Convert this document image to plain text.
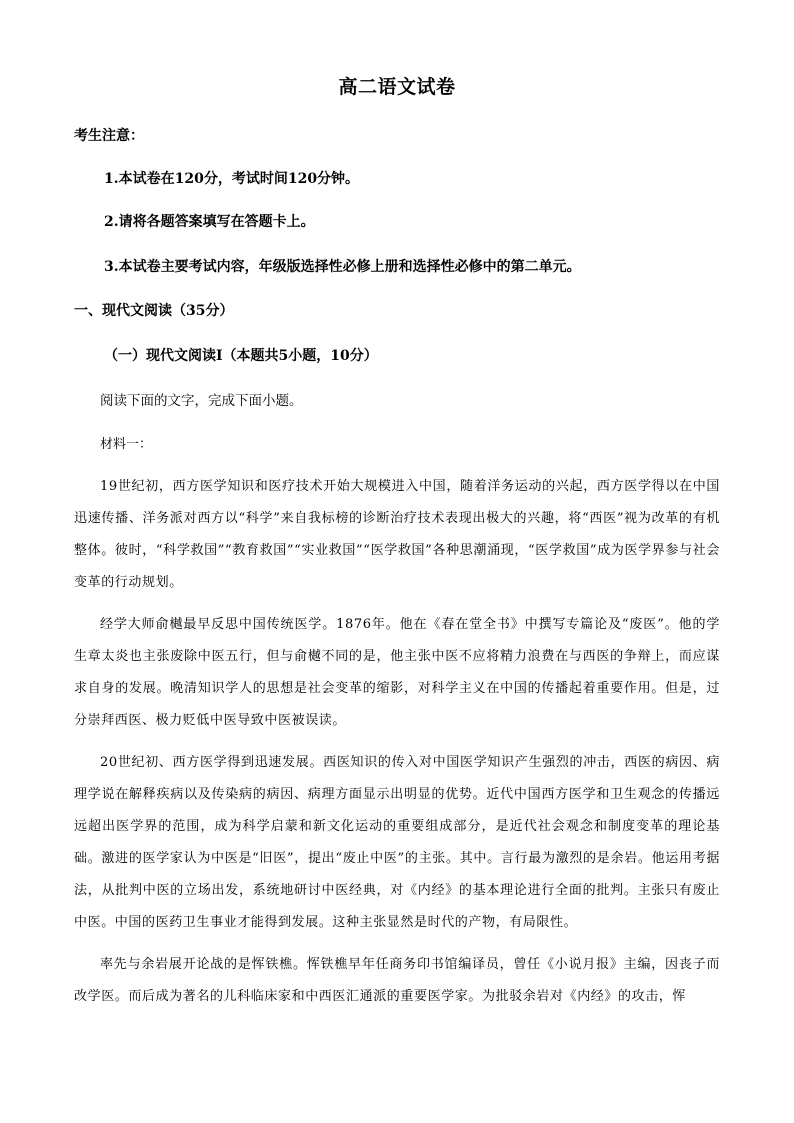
高二语文试卷
考生注意：
1.本试卷在120分，考试时间120分钟。
2.请将各题答案填写在答题卡上。
3.本试卷主要考试内容，年级版选择性必修上册和选择性必修中的第二单元。
一、现代文阅读（35分）
（一）现代文阅读Ⅰ（本题共5小题，10分）
阅读下面的文字，完成下面小题。
材料一：

19世纪初，西方医学知识和医疗技术开始大规模进入中国，随着洋务运动的兴起，西方医学得以在中国迅速传播、洋务派对西方以“科学”来自我标榜的诊断治疗技术表现出极大的兴趣，将“西医”视为改革的有机整体。彼时，“科学救国”“教育救国”“实业救国”“医学救国”各种思潮涌现，“医学救国”成为医学界参与社会变革的行动规划。

经学大师俞樾最早反思中国传统医学。1876年。他在《春在堂全书》中撰写专篇论及“废医”。他的学生章太炎也主张废除中医五行，但与俞樾不同的是，他主张中医不应将精力浪费在与西医的争辩上，而应谋求自身的发展。晚清知识学人的思想是社会变革的缩影，对科学主义在中国的传播起着重要作用。但是，过分崇拜西医、极力贬低中医导致中医被误读。

20世纪初、西方医学得到迅速发展。西医知识的传入对中国医学知识产生强烈的冲击，西医的病因、病理学说在解释疾病以及传染病的病因、病理方面显示出明显的优势。近代中国西方医学和卫生观念的传播远远超出医学界的范围，成为科学启蒙和新文化运动的重要组成部分，是近代社会观念和制度变革的理论基础。激进的医学家认为中医是“旧医”，提出“废止中医”的主张。其中。言行最为激烈的是余岩。他运用考据法，从批判中医的立场出发，系统地研讨中医经典，对《内经》的基本理论进行全面的批判。主张只有废止中医。中国的医药卫生事业才能得到发展。这种主张显然是时代的产物，有局限性。

率先与余岩展开论战的是恽铁樵。恽铁樵早年任商务印书馆编译员，曾任《小说月报》主编，因丧子而改学医。而后成为著名的儿科临床家和中西医汇通派的重要医学家。为批驳余岩对《内经》的攻击，恽
